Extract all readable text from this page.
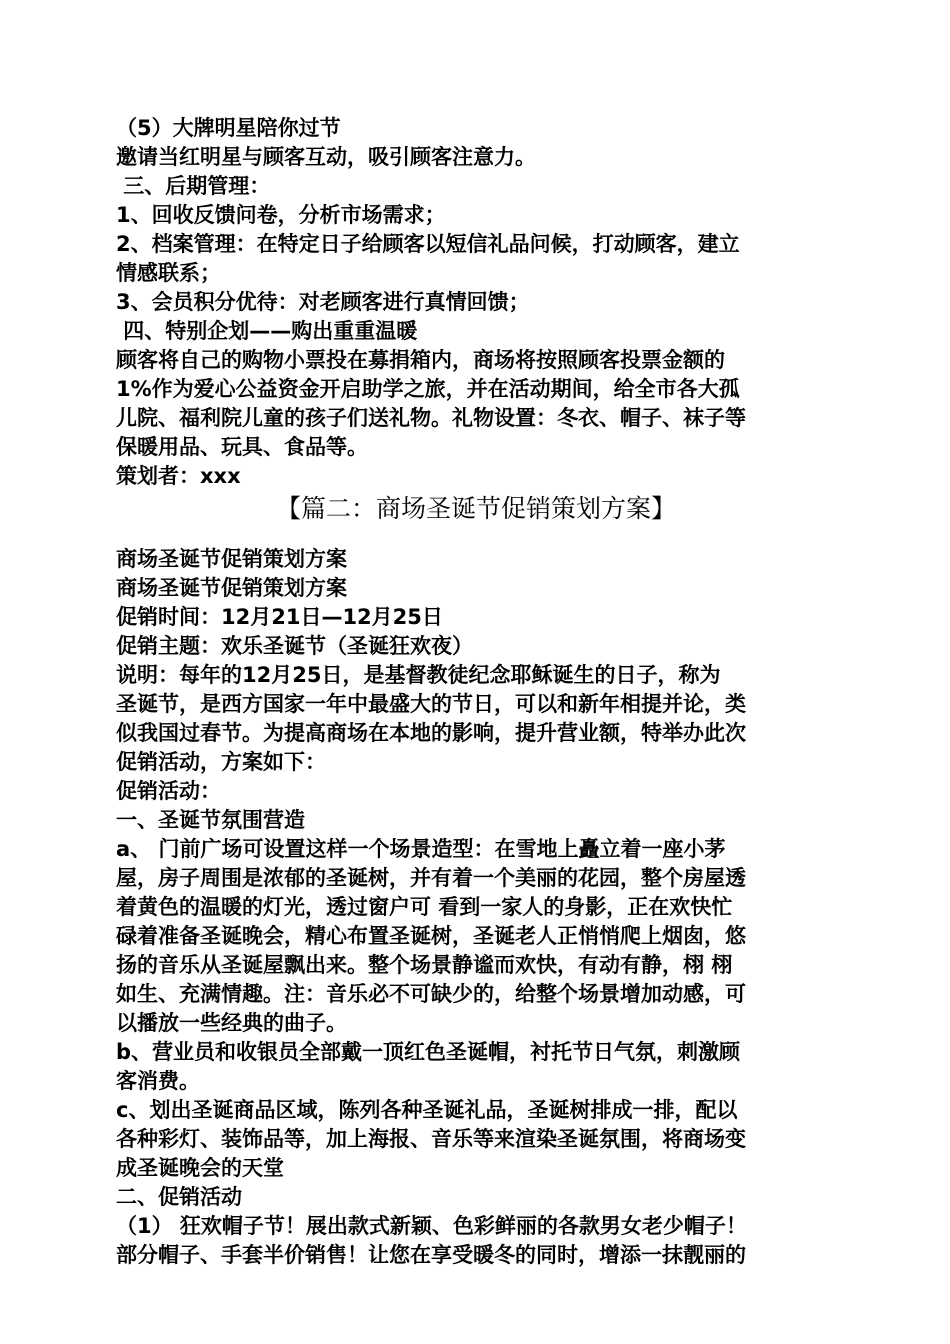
（5）大牌明星陪你过节
邀请当红明星与顾客互动，吸引顾客注意力。
三、后期管理：
1、回收反馈问卷，分析市场需求；
2、档案管理：在特定日子给顾客以短信礼品问候，打动顾客，建立
情感联系；
3、会员积分优待：对老顾客进行真情回馈；
四、特别企划——购出重重温暖
顾客将自己的购物小票投在募捐箱内，商场将按照顾客投票金额的
1%作为爱心公益资金开启助学之旅，并在活动期间，给全市各大孤
儿院、福利院儿童的孩子们送礼物。礼物设置：冬衣、帽子、袜子等
保暖用品、玩具、食品等。
策划者：xxx
【篇二：商场圣诞节促销策划方案】
商场圣诞节促销策划方案
商场圣诞节促销策划方案
促销时间：12月21日—12月25日
促销主题：欢乐圣诞节（圣诞狂欢夜）
说明：每年的12月25日，是基督教徒纪念耶稣诞生的日子，称为
圣诞节，是西方国家一年中最盛大的节日，可以和新年相提并论，类
似我国过春节。为提高商场在本地的影响，提升营业额，特举办此次
促销活动，方案如下：
促销活动：
一、圣诞节氛围营造
a、 门前广场可设置这样一个场景造型：在雪地上矗立着一座小茅
屋，房子周围是浓郁的圣诞树，并有着一个美丽的花园，整个房屋透
着黄色的温暖的灯光，透过窗户可 看到一家人的身影，正在欢快忙
碌着准备圣诞晚会，精心布置圣诞树，圣诞老人正悄悄爬上烟囱，悠
扬的音乐从圣诞屋飘出来。整个场景静谧而欢快，有动有静，栩 栩
如生、充满情趣。注：音乐必不可缺少的，给整个场景增加动感，可
以播放一些经典的曲子。
b、营业员和收银员全部戴一顶红色圣诞帽，衬托节日气氛，刺激顾
客消费。
c、划出圣诞商品区域，陈列各种圣诞礼品，圣诞树排成一排，配以
各种彩灯、装饰品等，加上海报、音乐等来渲染圣诞氛围，将商场变
成圣诞晚会的天堂
二、促销活动
（1） 狂欢帽子节！展出款式新颖、色彩鲜丽的各款男女老少帽子！
部分帽子、手套半价销售！让您在享受暖冬的同时，增添一抹靓丽的
